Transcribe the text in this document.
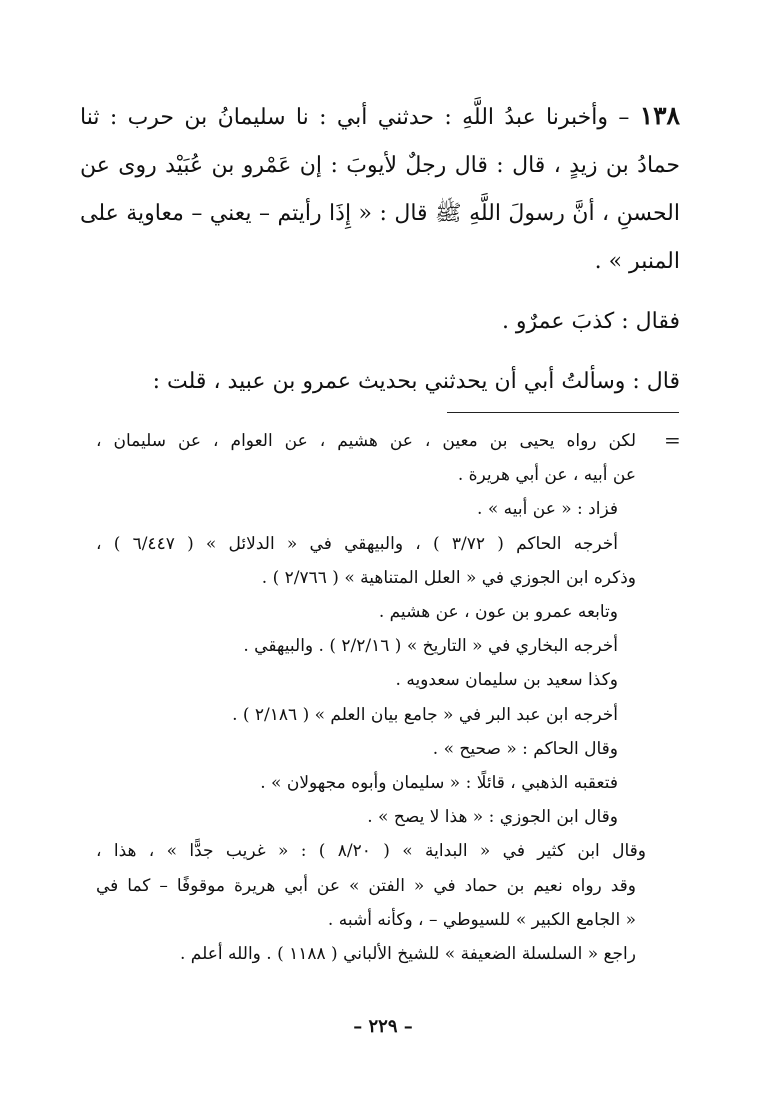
١٣٨ – وأخبرنا عبدُ اللَّهِ : حدثني أبي : نا سليمانُ بن حرب : ثنا حمادُ بن زيدٍ ، قال : قال رجلٌ لأيوبَ : إن عَمْرو بن عُبَيْد روى عن الحسنِ ، أنَّ رسولَ اللَّهِ ﷺ قال : « إِذَا رأيتم – يعني – معاوية على المنبر » .

فقال : كذبَ عمرٌو .

قال : وسألتُ أبي أن يحدثني بحديث عمرو بن عبيد ، قلت :

=
لكن رواه يحيى بن معين ، عن هشيم ، عن العوام ، عن سليمان ،
عن أبيه ، عن أبي هريرة .
فزاد : « عن أبيه » .
أخرجه الحاكم ( ٣/٧٢ ) ، والبيهقي في « الدلائل » ( ٦/٤٤٧ ) ،
وذكره ابن الجوزي في « العلل المتناهية » ( ٢/٧٦٦ ) .
وتابعه عمرو بن عون ، عن هشيم .
أخرجه البخاري في « التاريخ » ( ٢/٢/١٦ ) . والبيهقي .
وكذا سعيد بن سليمان سعدويه .
أخرجه ابن عبد البر في « جامع بيان العلم » ( ٢/١٨٦ ) .
وقال الحاكم : « صحيح » .
فتعقبه الذهبي ، قائلًا : « سليمان وأبوه مجهولان » .
وقال ابن الجوزي : « هذا لا يصح » .
وقال ابن كثير في « البداية » ( ٨/٢٠ ) : « غريب جدًّا » ، هذا ،
وقد رواه نعيم بن حماد في « الفتن » عن أبي هريرة موقوفًا – كما في
« الجامع الكبير » للسيوطي – ، وكأنه أشبه .
راجع « السلسلة الضعيفة » للشيخ الألباني ( ١١٨٨ ) . والله أعلم .
– ٢٢٩ –
